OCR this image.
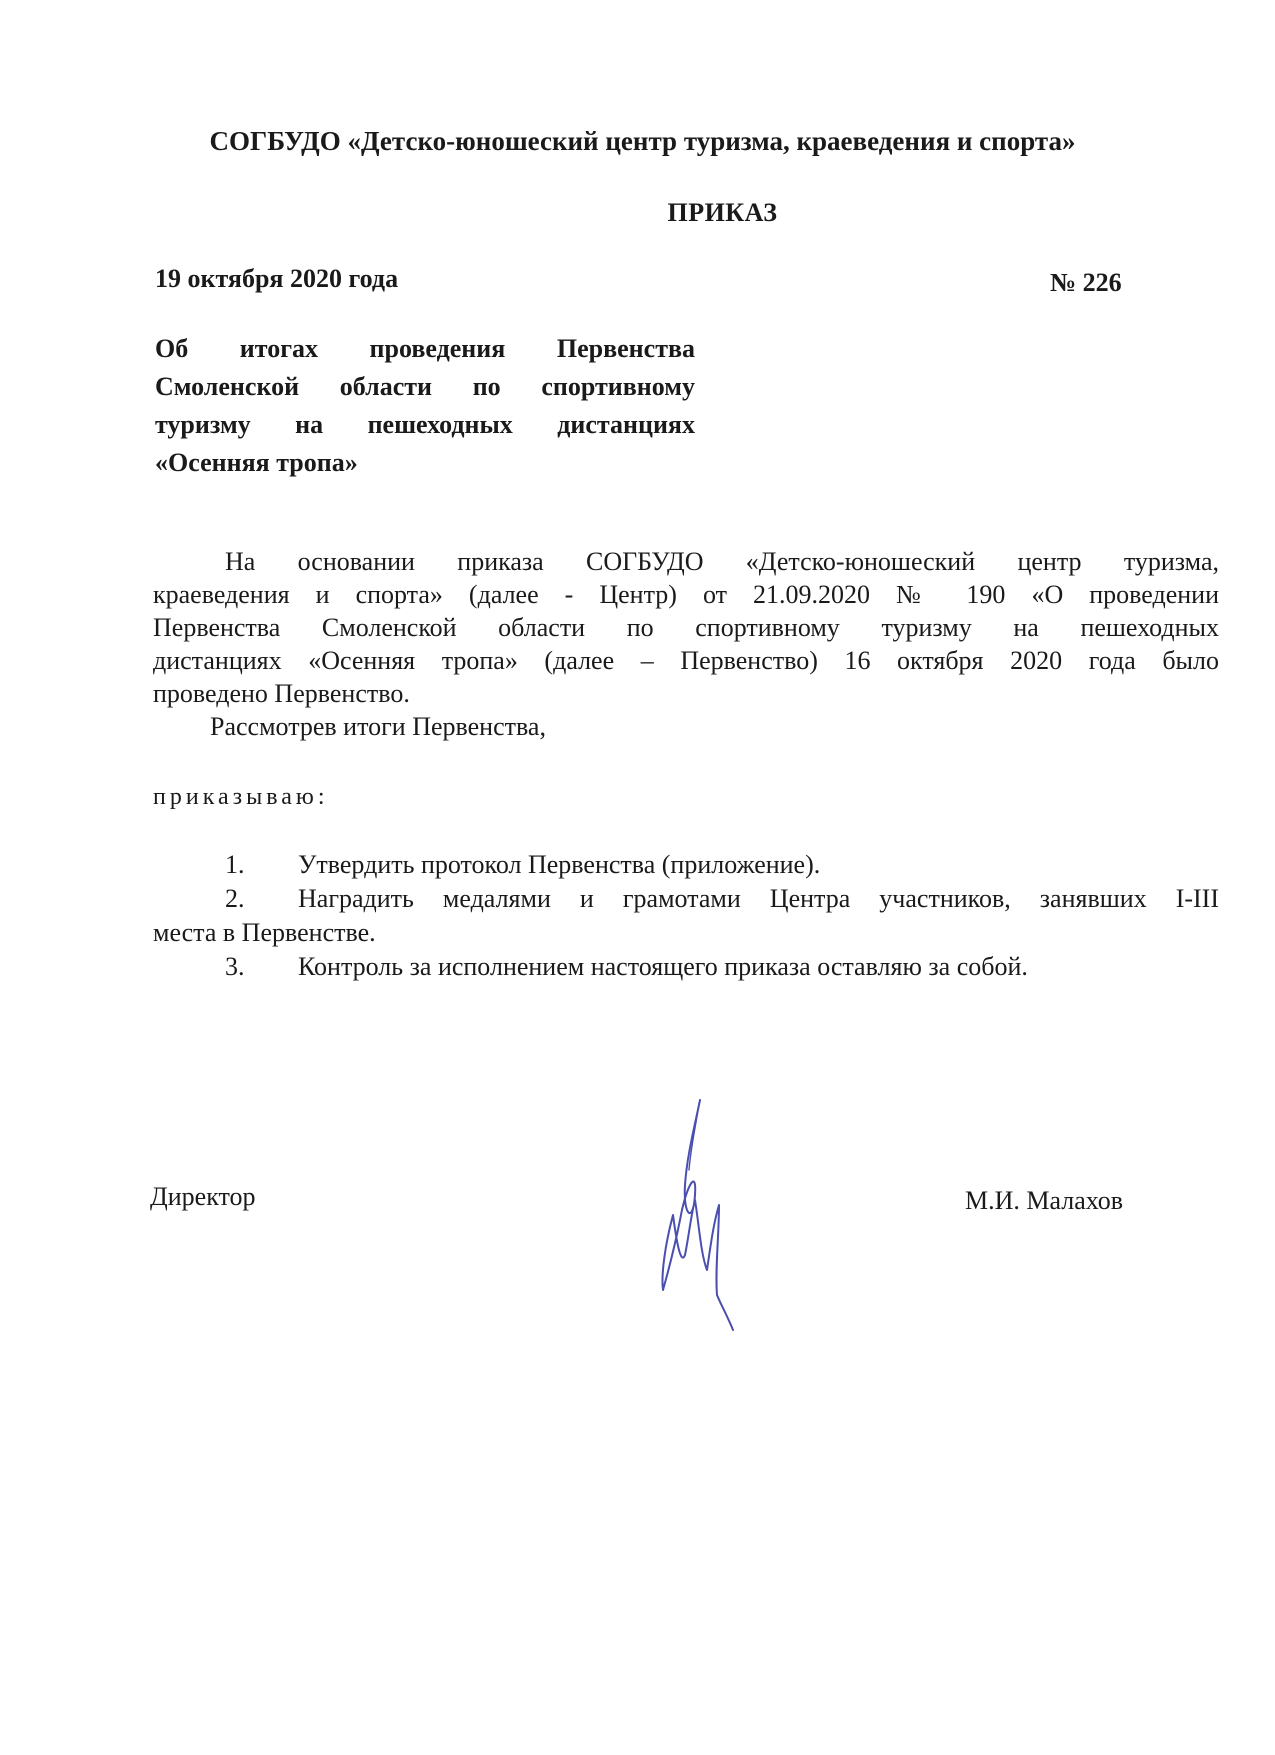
СОГБУДО «Детско-юношеский центр туризма, краеведения и спорта»
ПРИКАЗ
19 октября 2020 года	№ 226
Об итогах проведения Первенства
Смоленской области по спортивному
туризму на пешеходных дистанциях
«Осенняя тропа»
На основании приказа СОГБУДО «Детско-юношеский центр туризма,
краеведения и спорта» (далее - Центр) от 21.09.2020 № 190 «О проведении
Первенства Смоленской области по спортивному туризму на пешеходных
дистанциях «Осенняя тропа» (далее – Первенство) 16 октября 2020 года было
проведено Первенство.
Рассмотрев итоги Первенства,
приказываю:
1.	Утвердить протокол Первенства (приложение).
2. Наградить медалями и грамотами Центра участников, занявших I-III
места в Первенстве.
3.	Контроль за исполнением настоящего приказа оставляю за собой.
Директор	М.И. Малахов
